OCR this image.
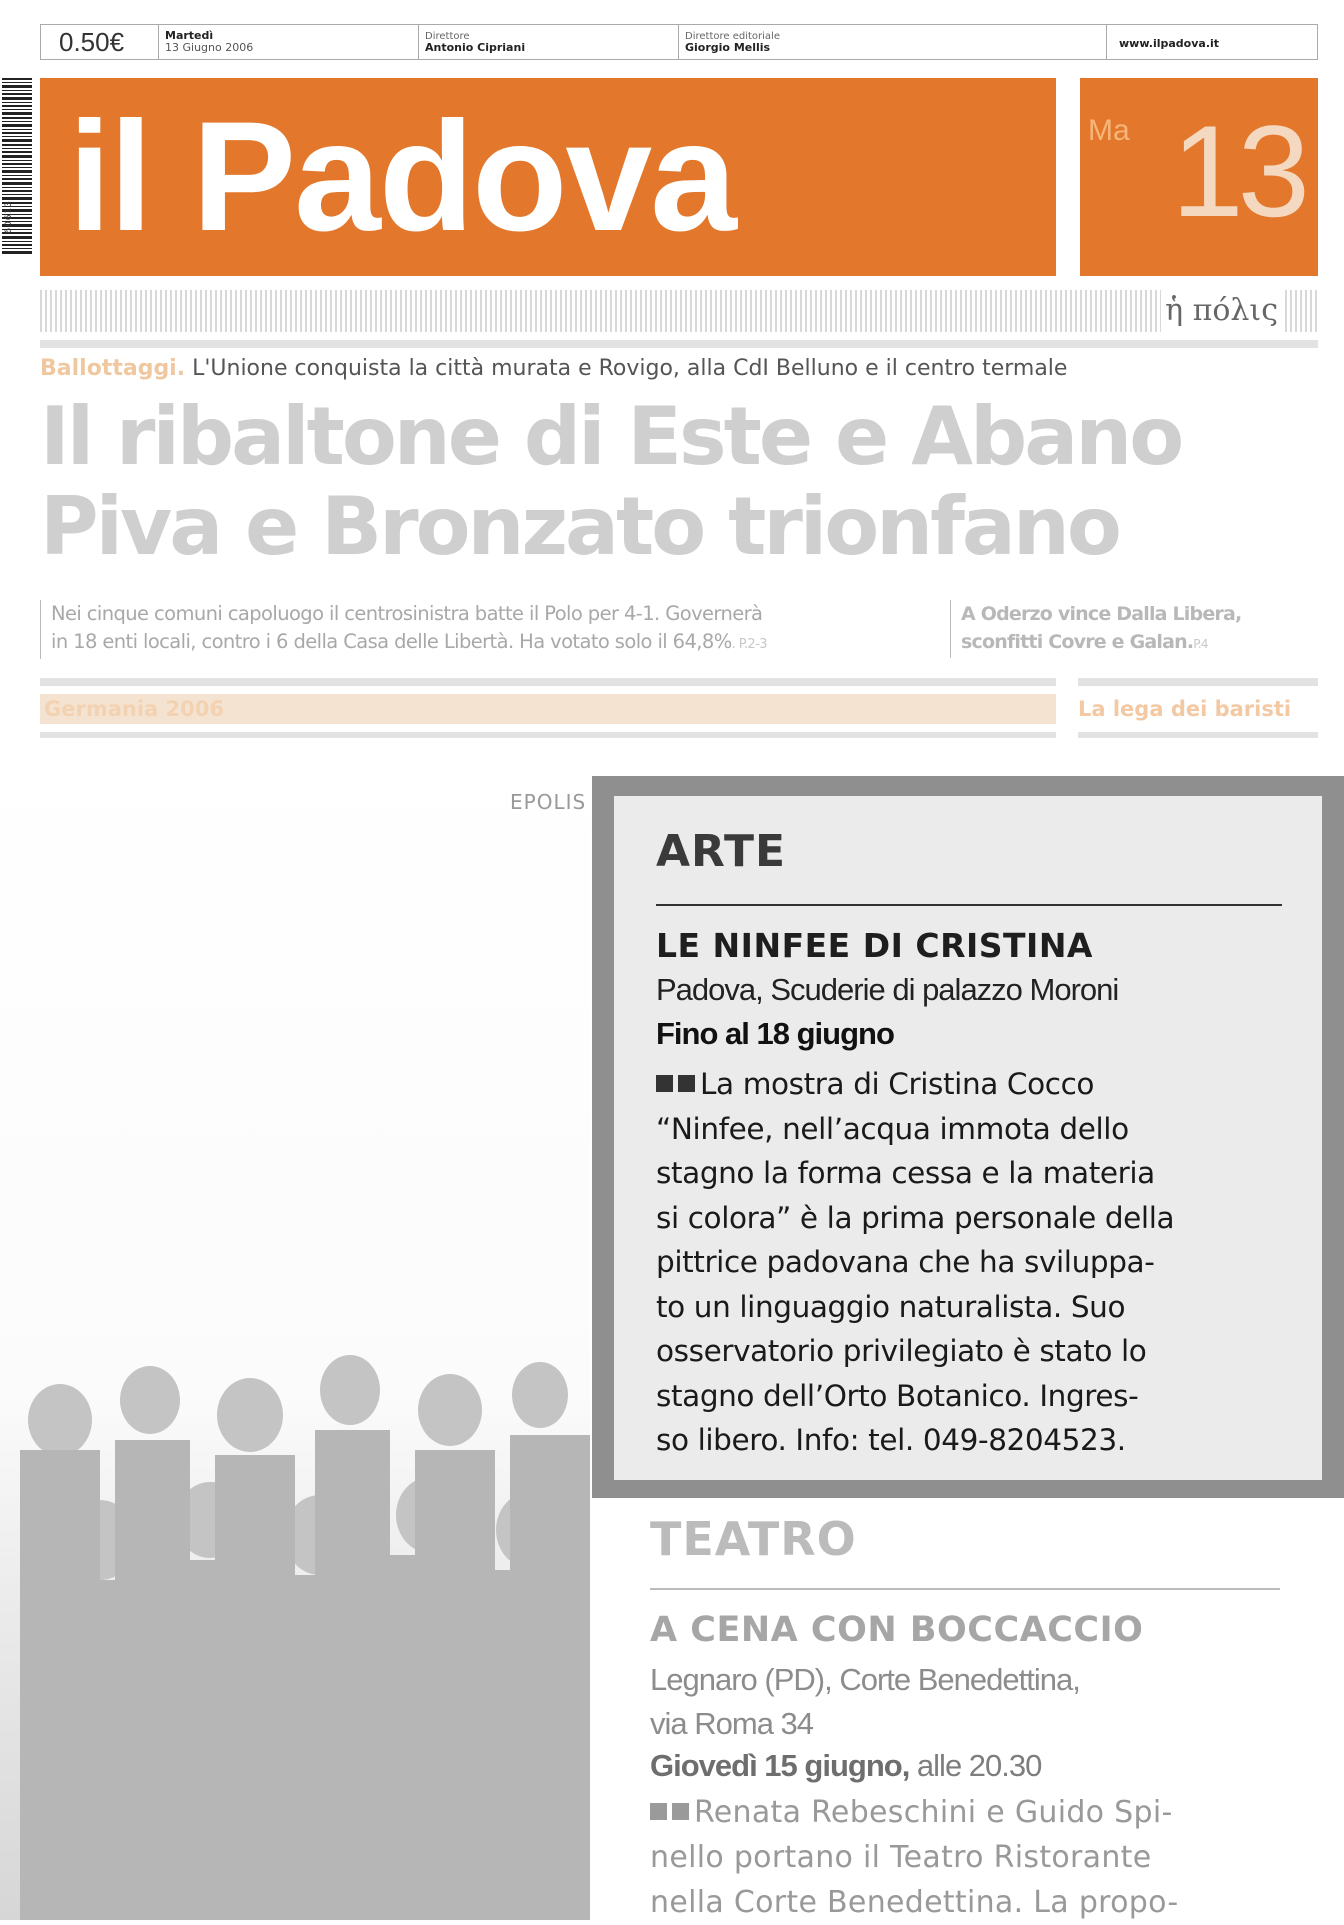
0.50€	Martedì
13 Giugno 2006
Direttore
Antonio Cipriani
Direttore editoriale
Giorgio Mellis	www.ilpadova.it
60613 il Padova	Ma 13
ἡ πόλις
Ballottaggi. L'Unione conquista la città murata e Rovigo, alla CdI Belluno e il centro termale
Il ribaltone di Este e Abano
Piva e Bronzato trionfano
Nei cinque comuni capoluogo il centrosinistra batte il Polo per 4-1. Governerà
in 18 enti locali, contro i 6 della Casa delle Libertà. Ha votato solo il 64,8%. P.2-3
A Oderzo vince Dalla Libera,
sconfitti Covre e Galan.P.4
Germania 2006	La lega dei baristi
EPOLIS
ARTE
LE NINFEE DI CRISTINA
Padova, Scuderie di palazzo Moroni
Fino al 18 giugno
La mostra di Cristina Cocco
“Ninfee, nell’acqua immota dello
stagno la forma cessa e la materia
si colora” è la prima personale della
pittrice padovana che ha sviluppa-
to un linguaggio naturalista. Suo
osservatorio privilegiato è stato lo
stagno dell’Orto Botanico. Ingres-
so libero. Info: tel. 049-8204523.
TEATRO
A CENA CON BOCCACCIO
Legnaro (PD), Corte Benedettina,
via Roma 34
Giovedì 15 giugno, alle 20.30
Renata Rebeschini e Guido Spi-
nello portano il Teatro Ristorante
nella Corte Benedettina. La propo-
